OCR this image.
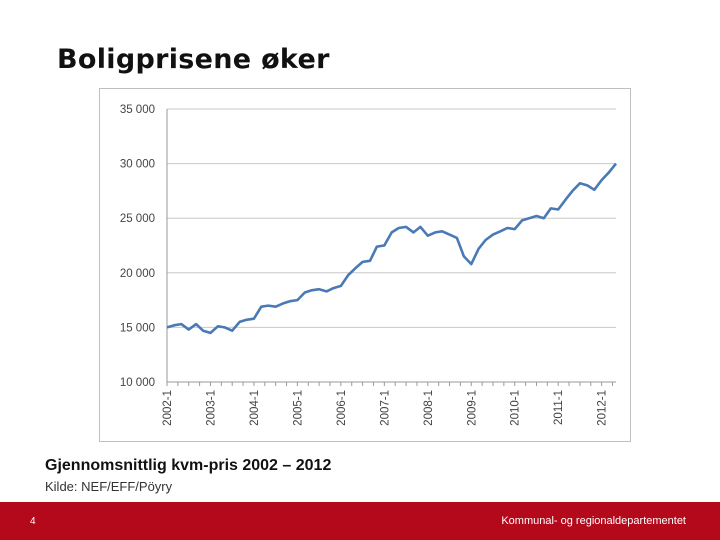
Boligprisene øker
10 000
15 000
20 000
25 000
30 000
35 000
2002-1	2003-1	2004-1	2005-1	2006-1	2007-1	2008-1	2009-1	2010-1	2011-1	2012-1
Gjennomsnittlig kvm-pris 2002 – 2012
Kilde: NEF/EFF/Pöyry
4	Kommunal- og regionaldepartementet
